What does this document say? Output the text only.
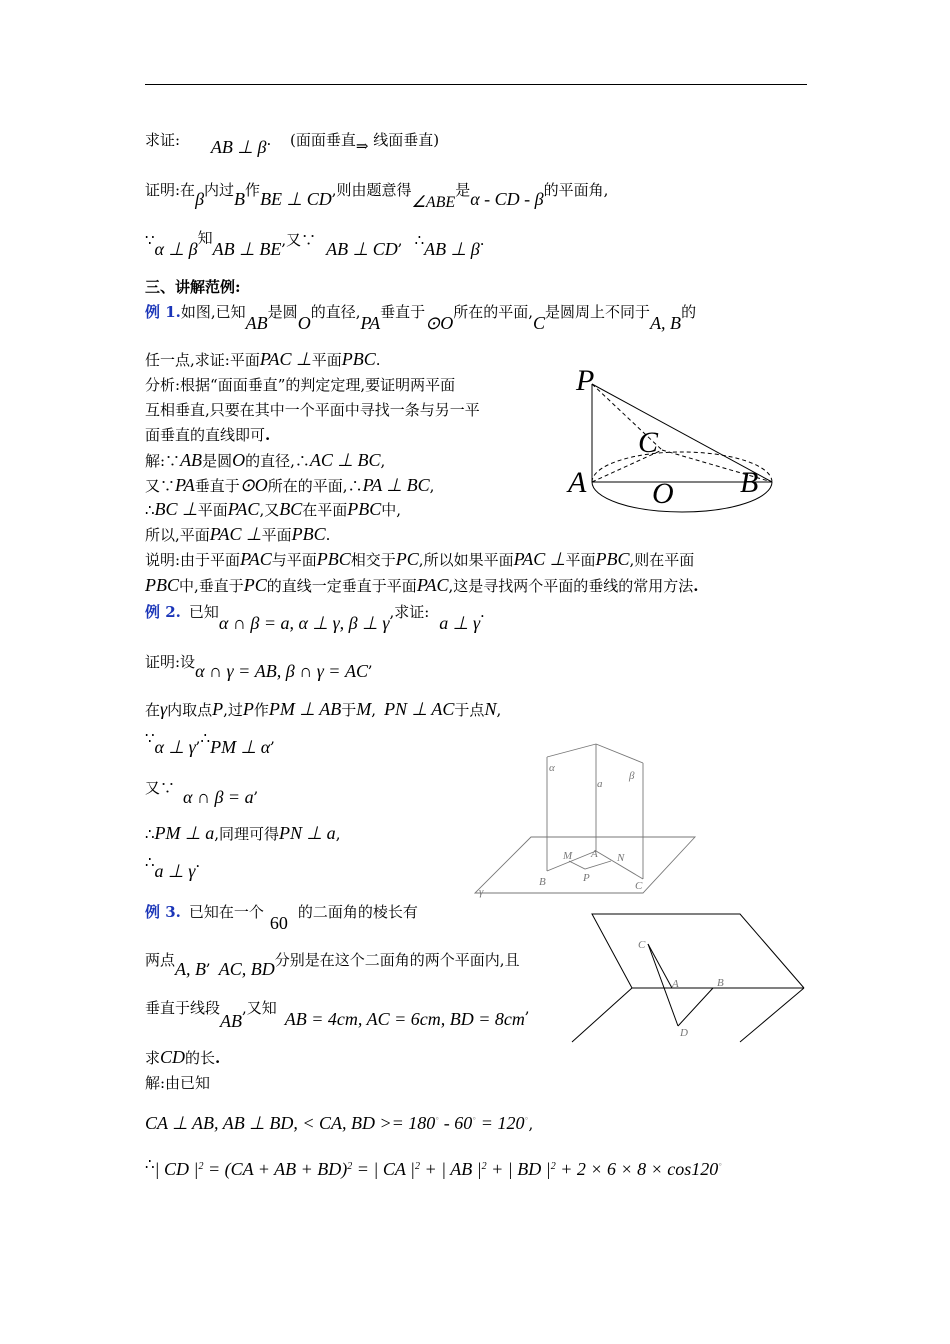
求证: AB ⊥ β. (面面垂直⇒ 线面垂直)
证明:在β内过B作BE ⊥ CD,则由题意得∠ABE是α - CD - β的平面角,
∵α ⊥ β知AB ⊥ BE,又∵ AB ⊥ CD, ∴AB ⊥ β.
三、讲解范例:
例 1.如图,已知AB是圆O的直径,PA垂直于⊙O所在的平面,C是圆周上不同于A, B的
任一点,求证:平面PAC ⊥平面PBC.
分析:根据“面面垂直”的判定定理,要证明两平面
互相垂直,只要在其中一个平面中寻找一条与另一平
面垂直的直线即可.
解:∵AB是圆O的直径,∴AC ⊥ BC,
又∵PA垂直于⊙O所在的平面,∴PA ⊥ BC,
∴BC ⊥平面PAC,又BC在平面PBC中,
所以,平面PAC ⊥平面PBC.
说明:由于平面PAC与平面PBC相交于PC,所以如果平面PAC ⊥平面PBC,则在平面
PBC中,垂直于PC的直线一定垂直于平面PAC,这是寻找两个平面的垂线的常用方法.
P
C
A	B
O
例 2. 已知α ∩ β = a, α ⊥ γ, β ⊥ γ,求证:a ⊥ γ.
证明:设α ∩ γ = AB, β ∩ γ = AC,
在γ内取点P,过P作PM ⊥ AB于M, PN ⊥ AC于点N,
∵α ⊥ γ,∴PM ⊥ α,
又∵ α ∩ β = a,
∴PM ⊥ a,同理可得PN ⊥ a,
∴a ⊥ γ.
α
β
a
M A N
B	P
C
γ
例 3. 已知在一个60的二面角的棱长有
两点A, B, AC, BD分别是在这个二面角的两个平面内,且
垂直于线段AB,又知AB = 4cm, AC = 6cm, BD = 8cm,
求CD的长.
解:由已知
CA ⊥ AB, AB ⊥ BD, < CA, BD >= 180° - 60° = 120°,
∴| CD $|^2 = (CA$ + AB + BD)$^2$ = | CA $|^2$ + | AB $|^2$ + | BD $|^2 + 2 \times 6 \times 8 \times \cos 120^\circ$
C
A	B
D
